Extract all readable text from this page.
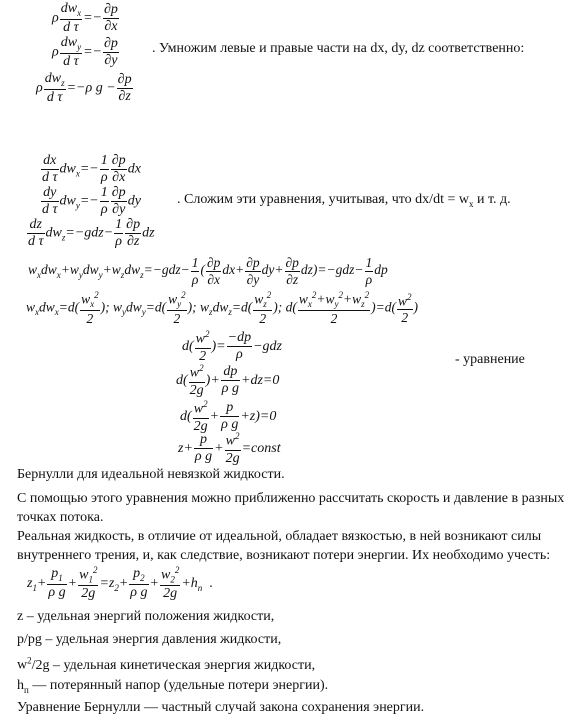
ρ $\frac{dw_x}{\text{d τ}} =- \frac{\partial p}{\partial x}$
ρ $\frac{dw_y}{\text{d τ}} =- \frac{\partial p}{\partial y}$ . Умножим левые и правые части на dx, dy, dz соответственно:
ρ $\frac{dw_z}{\text{d τ}} =-\rho$ $g - \frac{\partial p}{\partial z}$
$\frac{dx}{\text{d τ}} dw_x=- \frac{1}{\rho} \frac{\partial p}{\partial x}$ dx
$\frac{dy}{\text{d τ}} dw_y=- \frac{1}{\rho} \frac{\partial p}{\partial y}$ dy	. Сложим эти уравнения, учитывая, что $dx/dt = w_x$ и т. д.
$\frac{dz}{\text{d τ}} dw_z=-gdz- \frac{1}{\rho} \frac{\partial p}{\partial z}$ dz
$w_xdw_x+w_ydw_y+w_zdw_z=-gdz- \frac{1}{\rho}$ ( $\frac{\partial p}{\partial x} dx+ \frac{\partial p}{\partial y} dy+ \frac{\partial p}{\partial z} dz)=-gdz- \frac{1}{\rho}$ dp
$w_xdw_x=d( \frac{w_x^2}{2}$ ); $w_ydw_y=d( \frac{w_y^2}{2}$ ); $w_zdw_z=d( \frac{w_z^2}{2}$ ); $d( \frac{w_x^2+w_y^2+w_z^2}{2} )=d( \frac{w^2}{2}$ )
$d( \frac{w^2}{2}$ )= $\frac{-dp}{\rho} -gdz$
- уравнение
$d( \frac{w^2}{2g}$ )+ $\frac{dp}{\text{ρ g}} +dz=0$
$d( \frac{w^2}{2g} + \frac{p}{\text{ρ g}} +z)=0$
$z+ \frac{p}{\text{ρ g}} + \frac{w^2}{2g}$ =const
Бернулли для идеальной невязкой жидкости.
С помощью этого уравнения можно приближенно рассчитать скорость и давление в разных точках потока.
Реальная жидкость, в отличие от идеальной, обладает вязкостью, в ней возникают силы внутреннего трения, и, как следствие, возникают потери энергии. Их необходимо учесть:
$z_1+ \frac{p_1}{\text{ρ g}} + \frac{w_1^2}{2g} =z_2+ \frac{p_2}{\text{ρ g}} + \frac{w_2^2}{2g} +h_п$  .
z – удельная энергий положения жидкости,
p/pg – удельная энергия давления жидкости,
$w^2/2g$ – удельная кинетическая энергия жидкости,
$h_п$ — потерянный напор (удельные потери энергии).
Уравнение Бернулли — частный случай закона сохранения энергии.
